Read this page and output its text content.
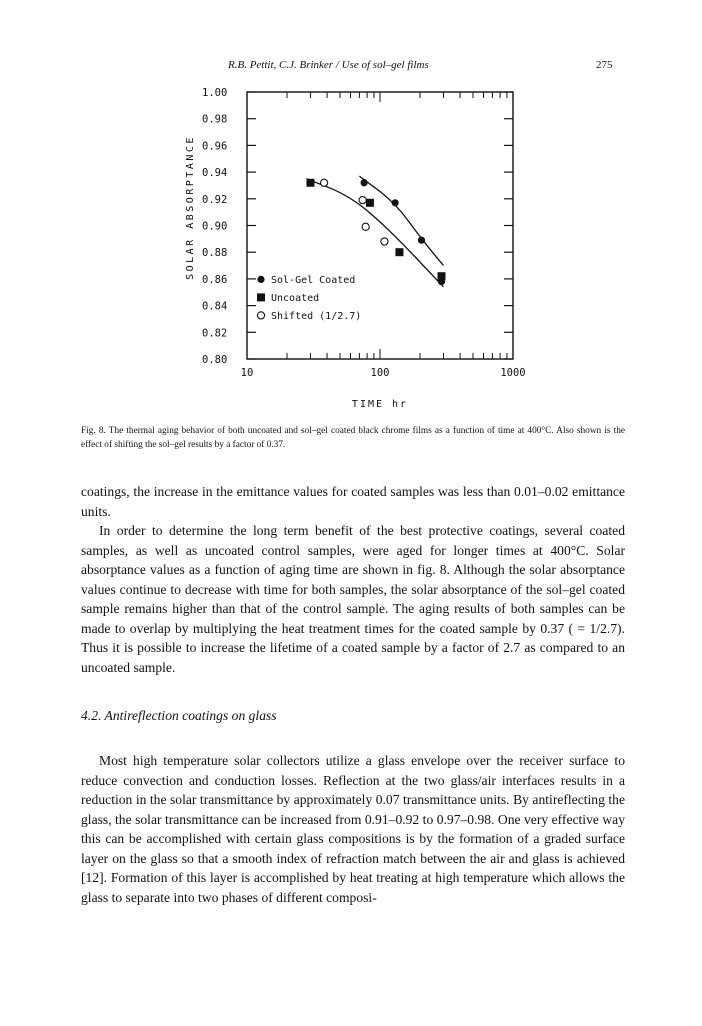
R.B. Pettit, C.J. Brinker / Use of sol–gel films	275
1.00
0.98
0.96
0.94
0.92
0.90
0.88
0.86
0.84
0.82
0.80
10	100	1000
TIME hr
SOLAR ABSORPTANCE
Sol-Gel Coated
Uncoated
Shifted (1/2.7)
Fig. 8. The thermal aging behavior of both uncoated and sol–gel coated black chrome films as a function of time at 400°C. Also shown is the effect of shifting the sol–gel results by a factor of 0.37.

coatings, the increase in the emittance values for coated samples was less than 0.01–0.02 emittance units.

In order to determine the long term benefit of the best protective coatings, several coated samples, as well as uncoated control samples, were aged for longer times at 400°C. Solar absorptance values as a function of aging time are shown in fig. 8. Although the solar absorptance values continue to decrease with time for both samples, the solar absorptance of the sol–gel coated sample remains higher than that of the control sample. The aging results of both samples can be made to overlap by multiplying the heat treatment times for the coated sample by 0.37 ( = 1/2.7). Thus it is possible to increase the lifetime of a coated sample by a factor of 2.7 as compared to an uncoated sample.

4.2. Antireflection coatings on glass

Most high temperature solar collectors utilize a glass envelope over the receiver surface to reduce convection and conduction losses. Reflection at the two glass/air interfaces results in a reduction in the solar transmittance by approximately 0.07 transmittance units. By antireflecting the glass, the solar transmittance can be increased from 0.91–0.92 to 0.97–0.98. One very effective way this can be accomplished with certain glass compositions is by the formation of a graded surface layer on the glass so that a smooth index of refraction match between the air and glass is achieved [12]. Formation of this layer is accomplished by heat treating at high temperature which allows the glass to separate into two phases of different composi-
